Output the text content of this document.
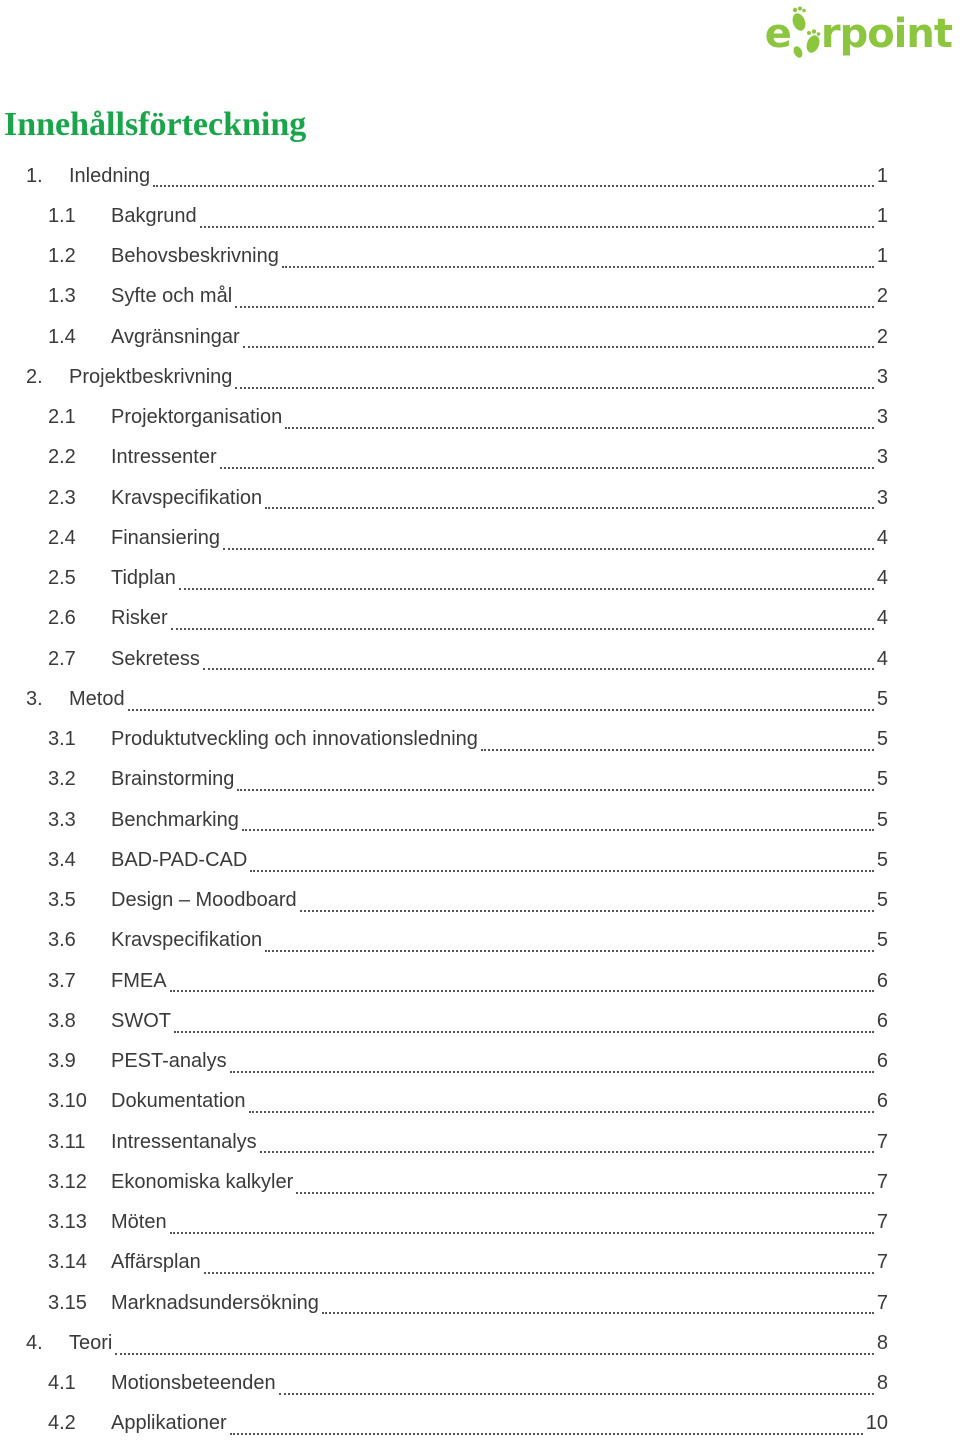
e rpoint
Innehållsförteckning
1.	Inledning	1
1.1	Bakgrund	1
1.2	Behovsbeskrivning	1
1.3	Syfte och mål	2
1.4	Avgränsningar	2
2.	Projektbeskrivning	3
2.1	Projektorganisation	3
2.2	Intressenter	3
2.3	Kravspecifikation	3
2.4	Finansiering	4
2.5	Tidplan	4
2.6	Risker	4
2.7	Sekretess	4
3.	Metod	5
3.1	Produktutveckling och innovationsledning	5
3.2	Brainstorming	5
3.3	Benchmarking	5
3.4	BAD-PAD-CAD	5
3.5	Design – Moodboard	5
3.6	Kravspecifikation	5
3.7	FMEA	6
3.8	SWOT	6
3.9	PEST-analys	6
3.10	Dokumentation	6
3.11	Intressentanalys	7
3.12	Ekonomiska kalkyler	7
3.13	Möten	7
3.14	Affärsplan	7
3.15	Marknadsundersökning	7
4.	Teori	8
4.1	Motionsbeteenden	8
4.2	Applikationer	10
